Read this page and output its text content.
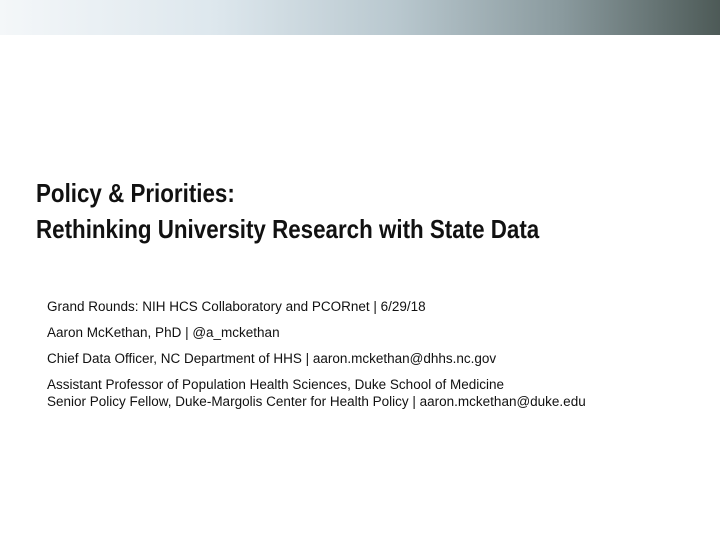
Policy & Priorities:
Rethinking University Research with State Data
Grand Rounds: NIH HCS Collaboratory and PCORnet | 6/29/18
Aaron McKethan, PhD | @a_mckethan
Chief Data Officer, NC Department of HHS | aaron.mckethan@dhhs.nc.gov
Assistant Professor of Population Health Sciences, Duke School of Medicine
Senior Policy Fellow, Duke-Margolis Center for Health Policy | aaron.mckethan@duke.edu
